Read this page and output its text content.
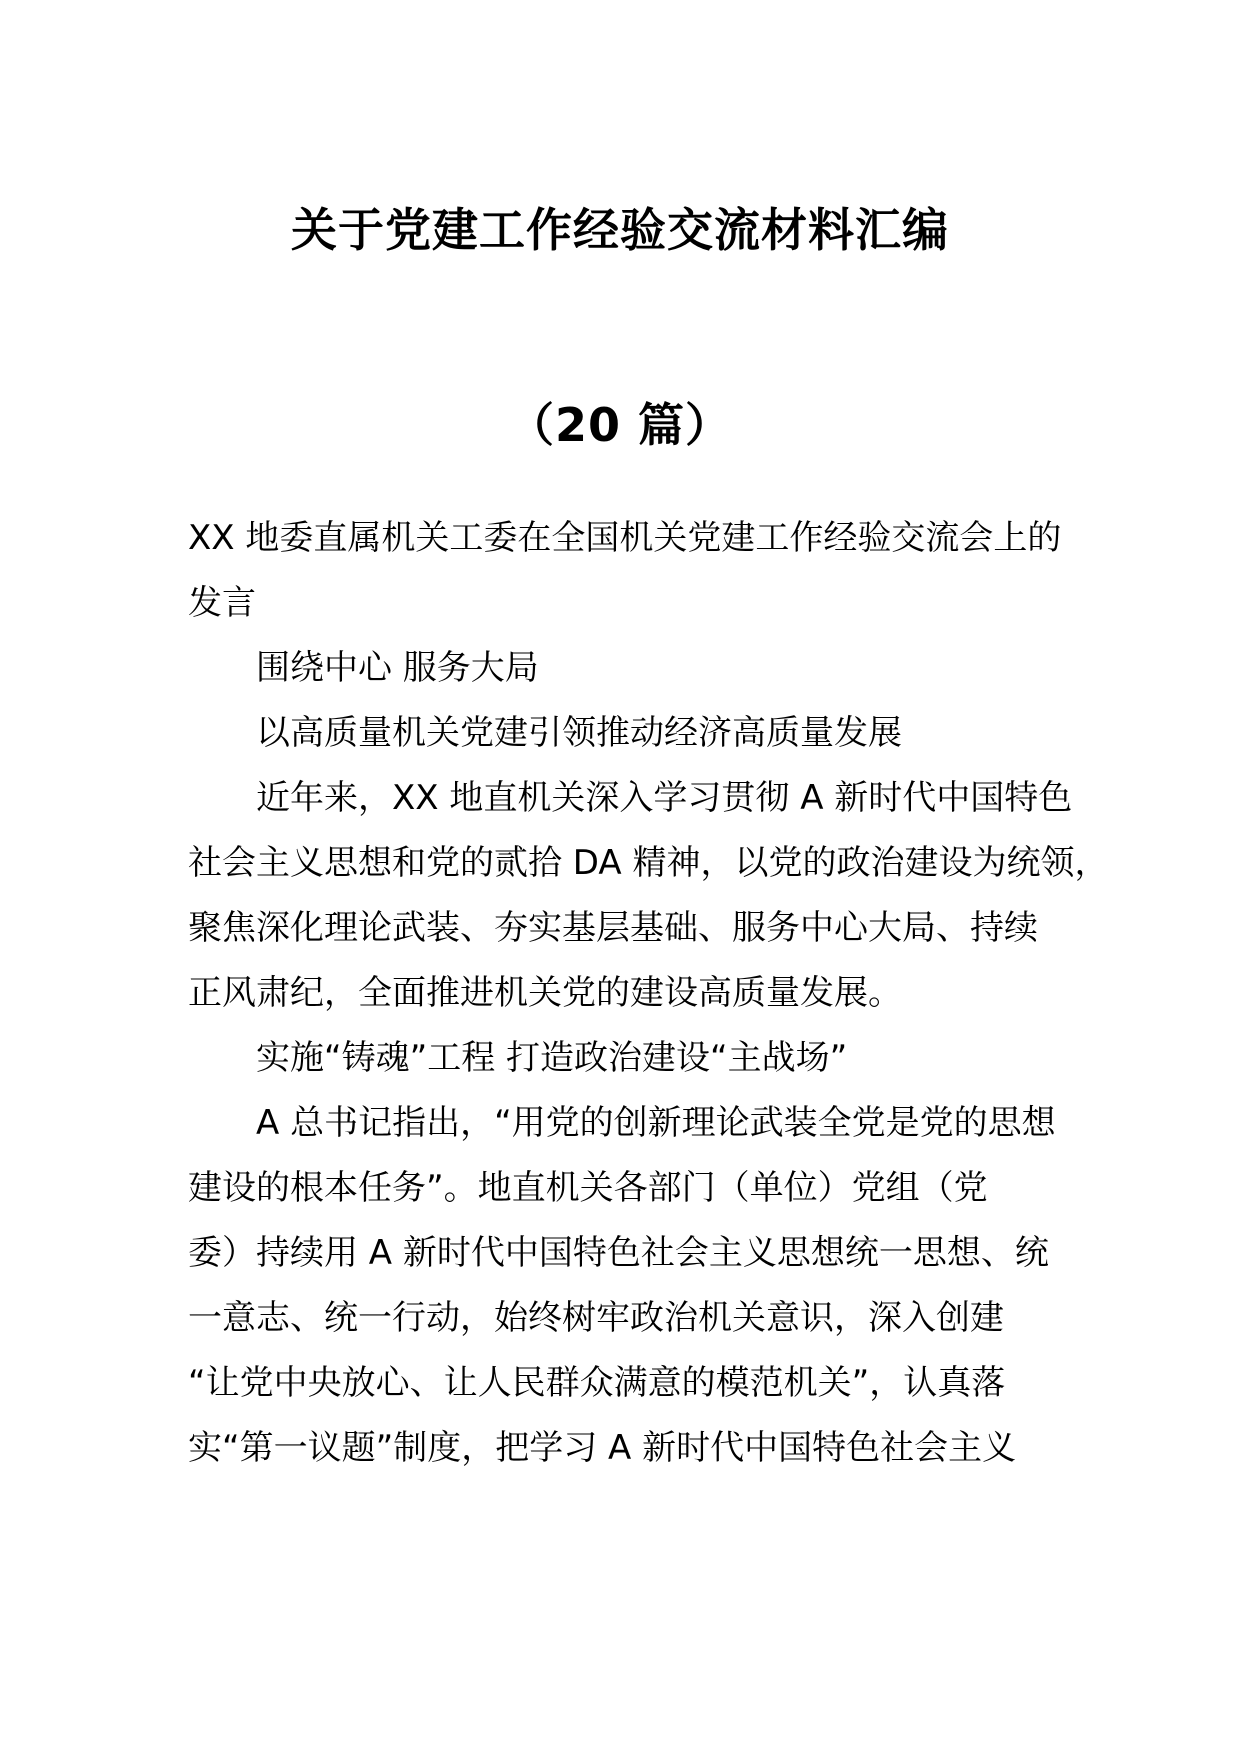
关于党建工作经验交流材料汇编
（20 篇）
XX 地委直属机关工委在全国机关党建工作经验交流会上的
发言
围绕中心 服务大局
以高质量机关党建引领推动经济高质量发展
近年来，XX 地直机关深入学习贯彻 A 新时代中国特色
社会主义思想和党的贰拾 DA 精神，以党的政治建设为统领，
聚焦深化理论武装、夯实基层基础、服务中心大局、持续
正风肃纪，全面推进机关党的建设高质量发展。
实施“铸魂”工程 打造政治建设“主战场”
A 总书记指出，“用党的创新理论武装全党是党的思想
建设的根本任务”。地直机关各部门（单位）党组（党
委）持续用 A 新时代中国特色社会主义思想统一思想、统
一意志、统一行动，始终树牢政治机关意识，深入创建
“让党中央放心、让人民群众满意的模范机关”，认真落
实“第一议题”制度，把学习 A 新时代中国特色社会主义
